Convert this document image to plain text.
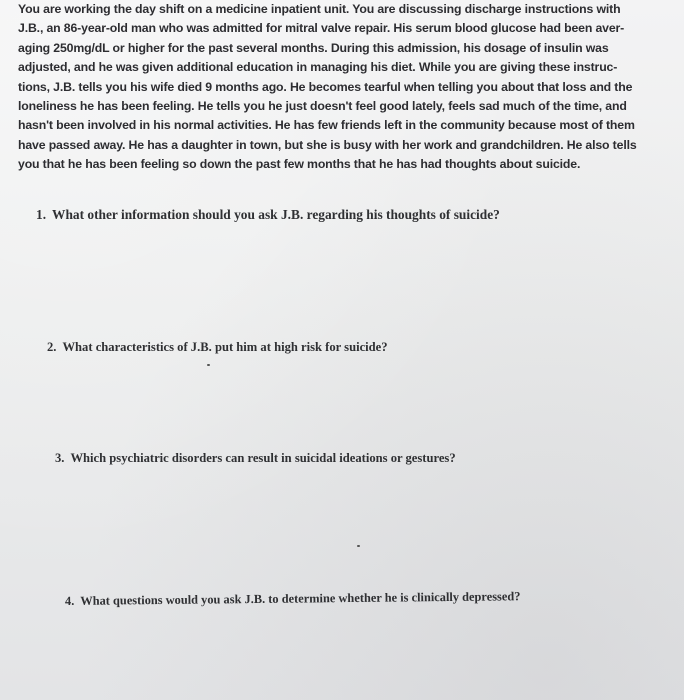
You are working the day shift on a medicine inpatient unit. You are discussing discharge instructions with
J.B., an 86-year-old man who was admitted for mitral valve repair. His serum blood glucose had been aver-
aging 250mg/dL or higher for the past several months. During this admission, his dosage of insulin was
adjusted, and he was given additional education in managing his diet. While you are giving these instruc-
tions, J.B. tells you his wife died 9 months ago. He becomes tearful when telling you about that loss and the
loneliness he has been feeling. He tells you he just doesn't feel good lately, feels sad much of the time, and
hasn't been involved in his normal activities. He has few friends left in the community because most of them
have passed away. He has a daughter in town, but she is busy with her work and grandchildren. He also tells
you that he has been feeling so down the past few months that he has had thoughts about suicide.
1. What other information should you ask J.B. regarding his thoughts of suicide?
2. What characteristics of J.B. put him at high risk for suicide?
3. Which psychiatric disorders can result in suicidal ideations or gestures?
4. What questions would you ask J.B. to determine whether he is clinically depressed?
